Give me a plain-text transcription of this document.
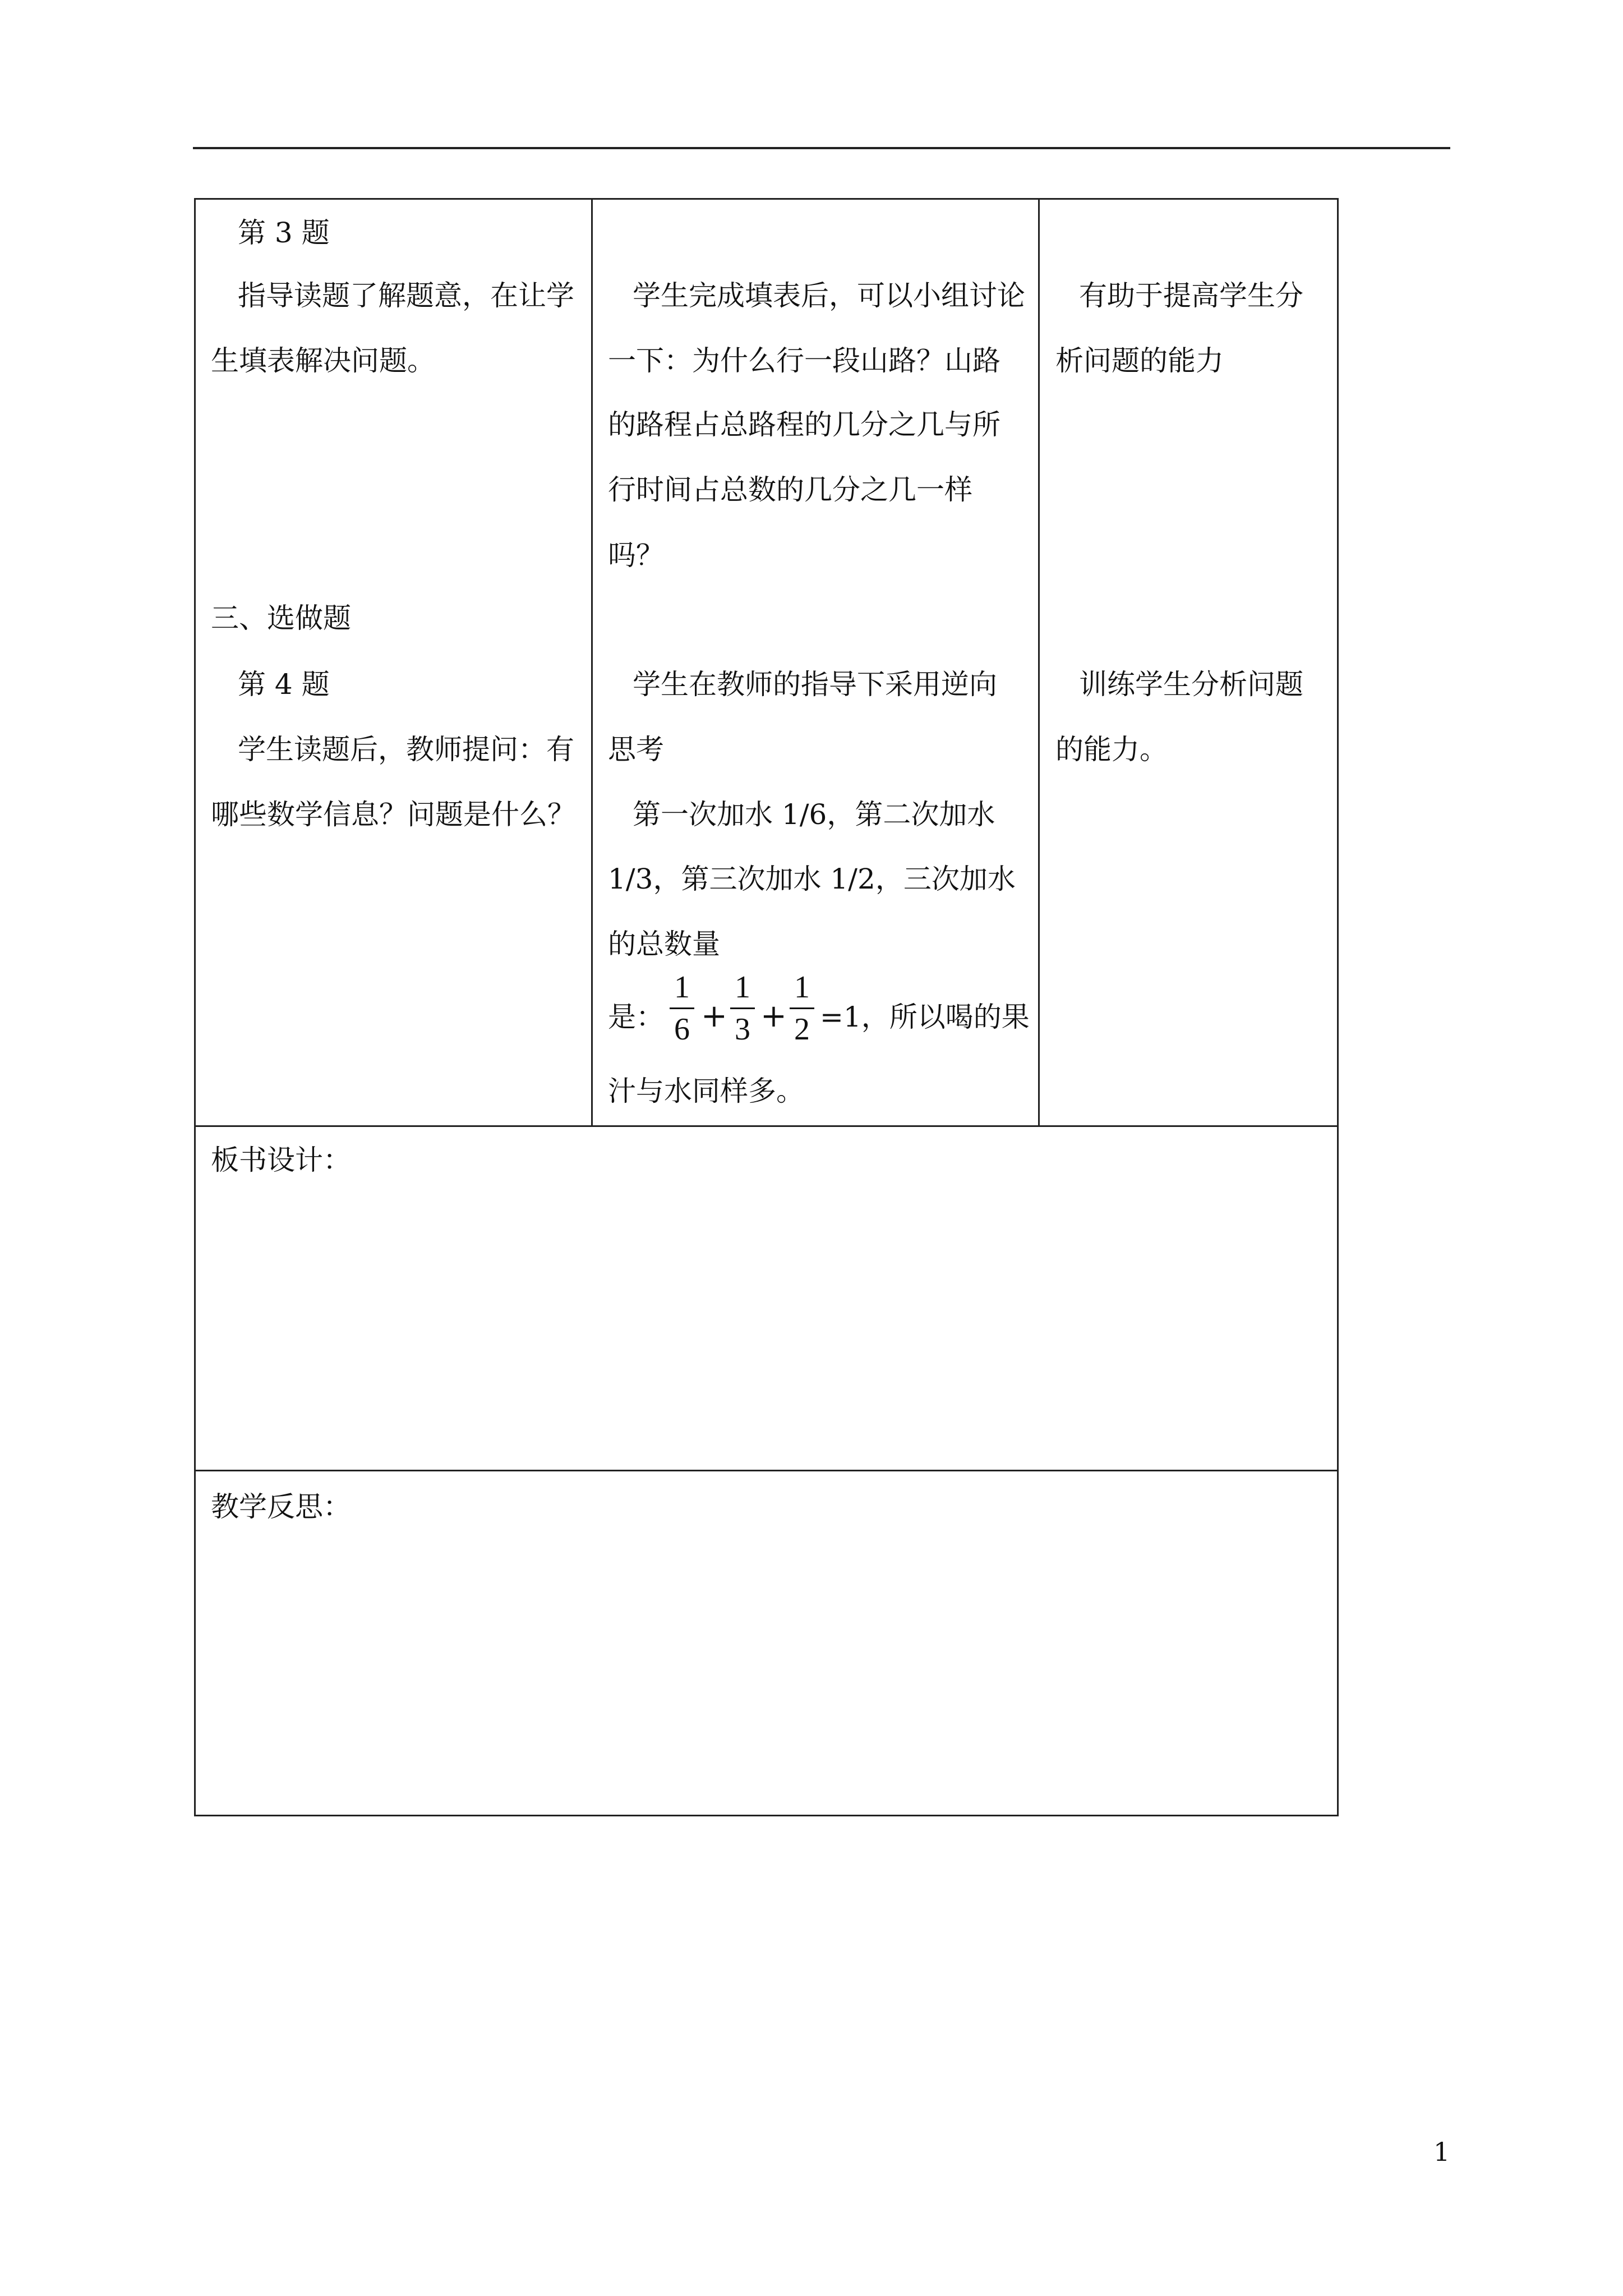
第 3 题
指导读题了解题意，在让学
生填表解决问题。
学生完成填表后，可以小组讨论
一下：为什么行一段山路？山路
的路程占总路程的几分之几与所
行时间占总数的几分之几一样
吗？
有助于提高学生分
析问题的能力
三、选做题
第 4 题
学生读题后，教师提问：有
哪些数学信息？问题是什么？
学生在教师的指导下采用逆向
思考
第一次加水 1/6，第二次加水
1/3，第三次加水 1/2，三次加水
的总数量
是：
1
6 +
1
3 +
1
2 =1，所以喝的果
汁与水同样多。
训练学生分析问题
的能力。
板书设计：
教学反思：
1
